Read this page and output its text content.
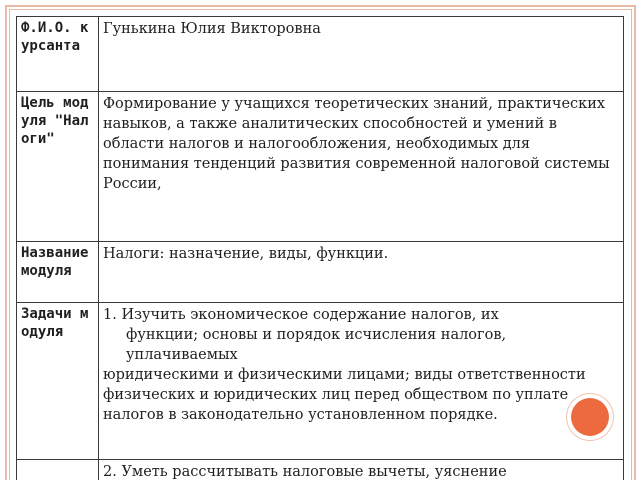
Ф.И.О. курсанта	Гунькина Юлия Викторовна
Цель модуля "Налоги"	Формирование у учащихся теоретических знаний, практических навыков, а также аналитических способностей и умений в области налогов и налогообложения, необходимых для понимания тенденций развития современной налоговой системы России,
Название модуля	Налоги: назначение, виды, функции.
Задачи модуля	1. Изучить экономическое содержание налогов, их
функции; основы и порядок исчисления налогов,
уплачиваемых
юридическими и физическими лицами; виды ответственности физических и юридических лиц перед обществом по уплате налогов в законодательно установленном порядке.

	2. Уметь рассчитывать налоговые вычеты, уяснение
